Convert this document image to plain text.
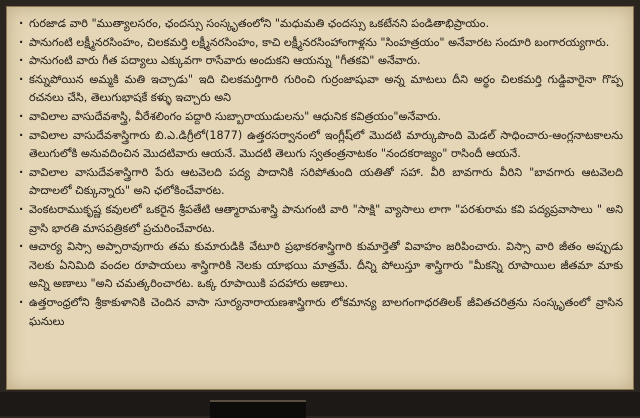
· గురజాడ వారి "ముత్యాలసరం, ఛందస్సు సంస్కృతంలోని "మధుమతి ఛందస్సు ఒకటేనని పండితాభిప్రాయం.
· పానుగంటి లక్ష్మీనరసింహం, చిలకమర్తి లక్ష్మీనరసింహం, కాచి లక్ష్మీనరసింహాంగాళ్లను "సింహత్రయం" అనేవారట సందూరి బంగారయ్యగారు.
· పానుగంటి వారు గీత పద్యాలు ఎక్కువగా రాసేవారు అందుకని ఆయన్ను "గీతకవి" అనేవారు.
· కన్నుపోయిన అమ్మకి మతి ఇచ్చాడు" ఇది చిలకమర్తిగారి గురించి గుర్రంజాషువా అన్న మాటలు దీని అర్థం చిలకమర్తి గుడ్డివారైనా గొప్ప రచనలు చేసి, తెలుగుభాషకే కళ్ళు ఇచ్చారు అని
· వావిలాల వాసుదేవశాస్త్రి, వీరేశలింగం పద్దారి సుబ్బారాయుడులను" ఆధునిక కవిత్రయం"అనేవారు.
· వావిలాల వాసుదేవశాస్త్రిగారు బి.ఎ.డిగ్రీలో(1877) ఉత్తరసర్వానంలో ఇంగ్లీష్‌లో మొదటి మార్కుపొంది మెడల్ సాధించారు-ఆంగ్లనాటకాలను తెలుగులోకి అనువదించిన మొదటివారు ఆయనే. మొదటి తెలుగు స్వతంత్రనాటకం "నందకరాజ్యం" రాసిందీ ఆయనే.
· వావిలాల వాసుదేవశాస్త్రిగారి పేరు ఆటవెలది పద్య పాదానికి సరిపోతుంది యతితో సహా. వీరి బావగారు వీరిని "బావగారు ఆటవెలది పాదాలలో చిక్కున్నారు" అని ఛలోకించేవారట.
· వెంకటరాముకృష్ణ కవులలో ఒకరైన శ్రీపతేటి ఆత్మారామశాస్త్రి పానుగంటి వారి "సాక్షి" వ్యాసాలు లాగా "పరశురామ కవి పద్యప్రవాసాలు " అని వ్రాసి భారతి మాసపత్రికలో ప్రచురించేవారట.
· ఆచార్య విస్సా అప్పారావుగారు తమ కుమారుడికి వేటూరి ప్రభాకరశాస్త్రిగారి కుమార్తెతో వివాహం జరిపించారు. విస్సా వారి జీతం అప్పుడు నెలకు ఏనిమిది వందల రూపాయలు శాస్త్రిగారికి నెలకు యాభయి మాత్రమే. దీన్ని పోలుస్తూ శాస్త్రిగారు "మీకన్ని రూపాయిల జీతమా మాకు అన్ని అణాలు "అని చమత్కరించారట. ఒక్క రూపాయికి పదహారు అణాలు.
· ఉత్తరాంధ్రలోని శ్రీకాకుళానికి చెందిన వాసా సూర్యనారాయణశాస్త్రిగారు లోకమాన్య బాలగంగాధరతిలక్ జీవితచరిత్రను సంస్కృతంలో వ్రాసిన ఘనులు
